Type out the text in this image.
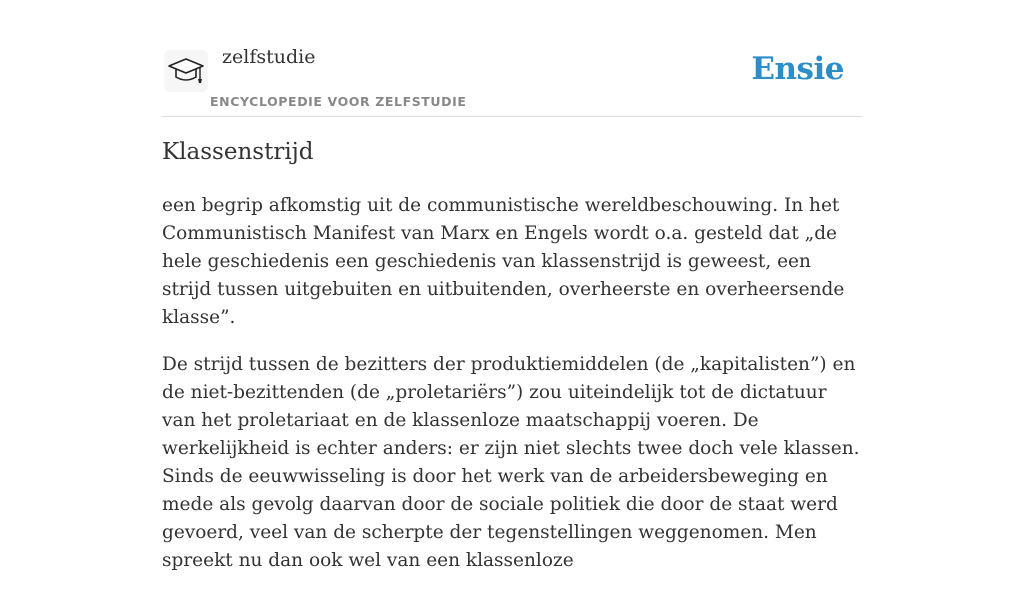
zelfstudie
ENCYCLOPEDIE VOOR ZELFSTUDIE
Ensie
Klassenstrijd

een begrip afkomstig uit de communistische wereldbeschouwing. In het Communistisch Manifest van Marx en Engels wordt o.a. gesteld dat „de hele geschiedenis een geschiedenis van klassenstrijd is geweest, een strijd tussen uitgebuiten en uitbuitenden, overheerste en overheersende klasse”.

De strijd tussen de bezitters der produktiemiddelen (de „kapitalisten”) en de niet-bezittenden (de „proletariërs”) zou uiteindelijk tot de dictatuur van het proletariaat en de klassenloze maatschappij voeren. De werkelijkheid is echter anders: er zijn niet slechts twee doch vele klassen. Sinds de eeuwwisseling is door het werk van de arbeidersbeweging en mede als gevolg daarvan door de sociale politiek die door de staat werd gevoerd, veel van de scherpte der tegenstellingen weggenomen. Men spreekt nu dan ook wel van een klassenloze
